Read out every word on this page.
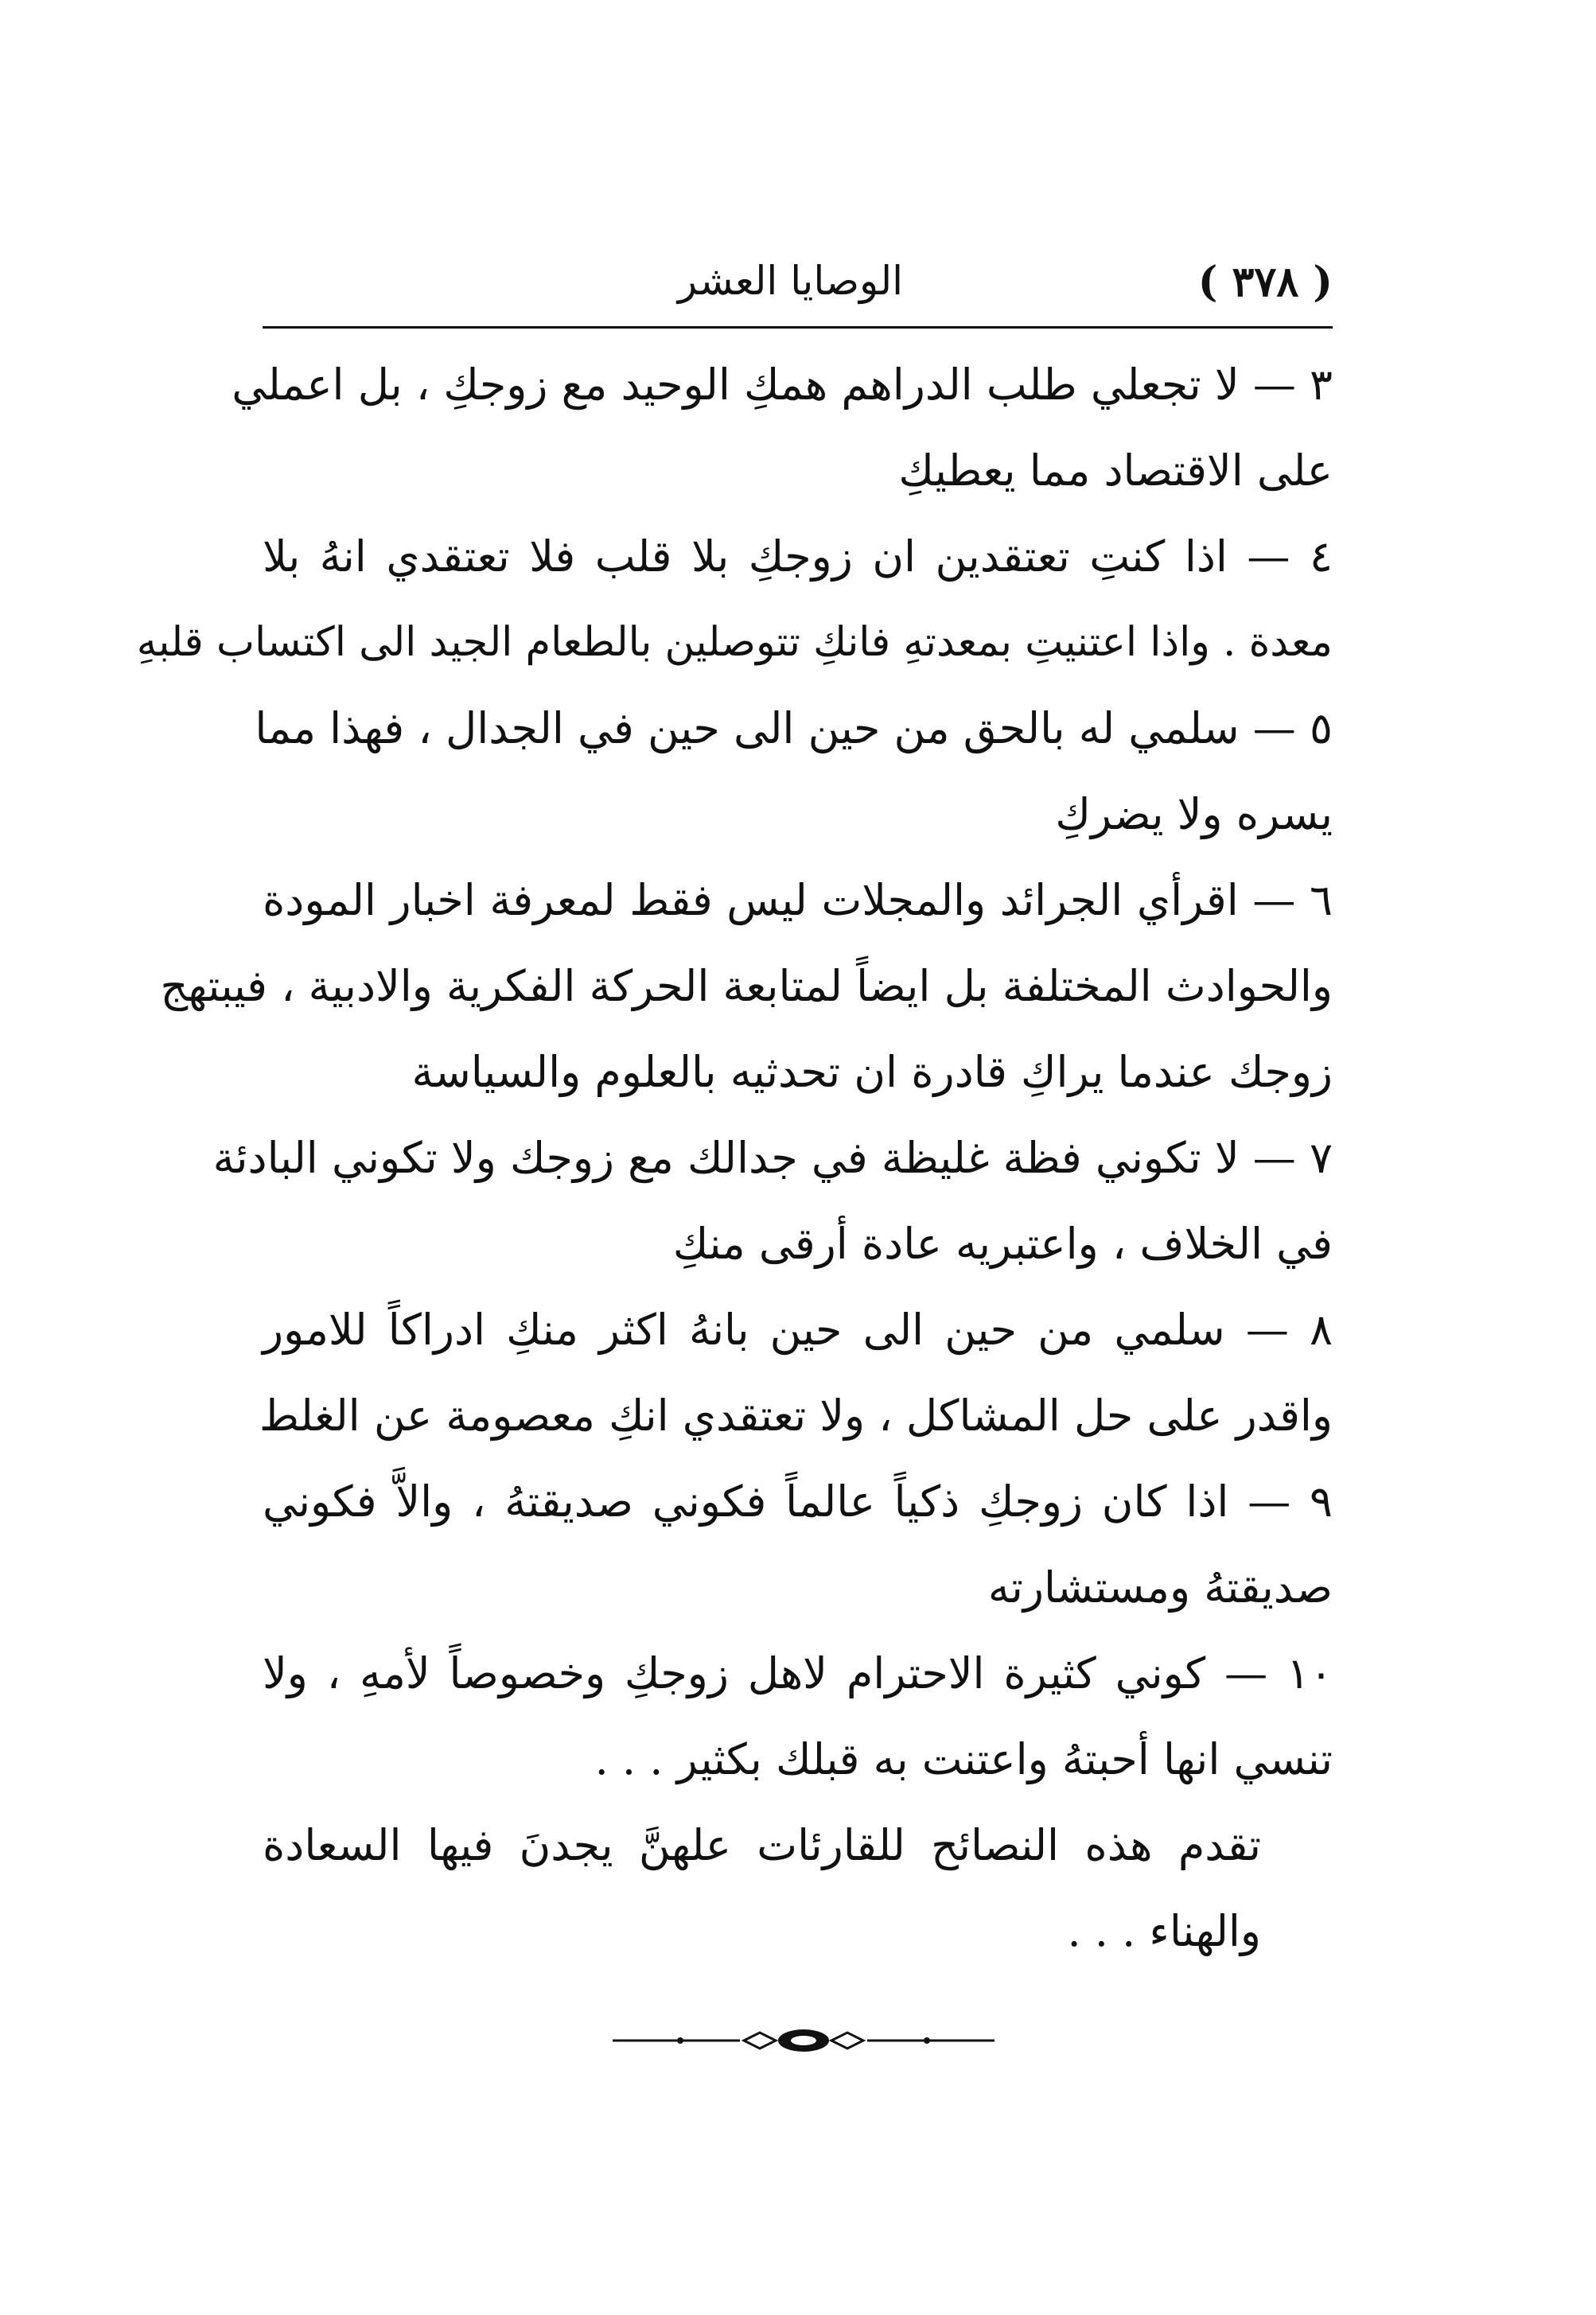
( ٣٧٨ )
الوصايا العشر
٣ — لا تجعلي طلب الدراهم همكِ الوحيد مع زوجكِ ، بل اعملي
على الاقتصاد مما يعطيكِ
٤ — اذا كنتِ تعتقدين ان زوجكِ بلا قلب فلا تعتقدي انهُ بلا
معدة . واذا اعتنيتِ بمعدتهِ فانكِ تتوصلين بالطعام الجيد الى اكتساب قلبهِ
٥ — سلمي له بالحق من حين الى حين في الجدال ، فهذا مما
يسره ولا يضركِ
٦ — اقرأي الجرائد والمجلات ليس فقط لمعرفة اخبار المودة
والحوادث المختلفة بل ايضاً لمتابعة الحركة الفكرية والادبية ، فيبتهج
زوجك عندما يراكِ قادرة ان تحدثيه بالعلوم والسياسة
٧ — لا تكوني فظة غليظة في جدالك مع زوجك ولا تكوني البادئة
في الخلاف ، واعتبريه عادة أرقى منكِ
٨ — سلمي من حين الى حين بانهُ اكثر منكِ ادراكاً للامور
واقدر على حل المشاكل ، ولا تعتقدي انكِ معصومة عن الغلط
٩ — اذا كان زوجكِ ذكياً عالماً فكوني صديقتهُ ، والاَّ فكوني
صديقتهُ ومستشارته
١٠ — كوني كثيرة الاحترام لاهل زوجكِ وخصوصاً لأمهِ ، ولا
تنسي انها أحبتهُ واعتنت به قبلك بكثير . . .
تقدم هذه النصائح للقارئات علهنَّ يجدنَ فيها السعادة والهناء . . .
